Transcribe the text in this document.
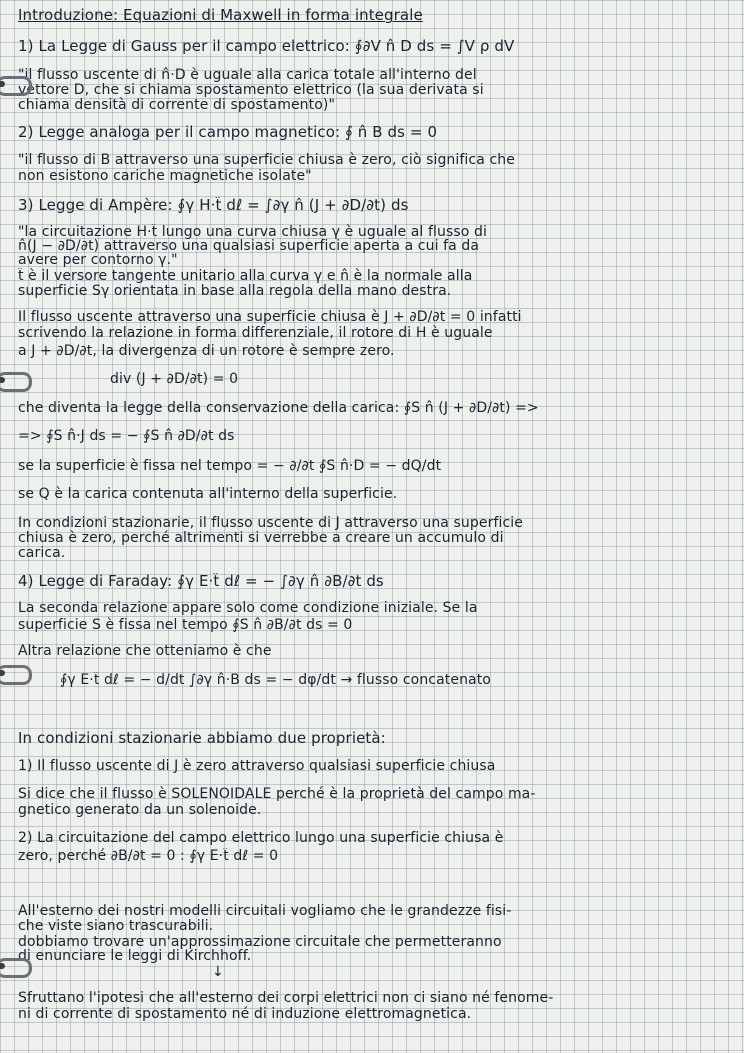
Introduzione: Equazioni di Maxwell in forma integrale
1) La Legge di Gauss per il campo elettrico: ∮∂V n̂ D ds = ∫V ρ dV
"il flusso uscente di n̂·D è uguale alla carica totale all'interno del
vettore D, che si chiama spostamento elettrico (la sua derivata si
chiama densità di corrente di spostamento)"
2) Legge analoga per il campo magnetico: ∮ n̂ B ds = 0
"il flusso di B attraverso una superficie chiusa è zero, ciò significa che
non esistono cariche magnetiche isolate"
3) Legge di Ampère: ∮γ H·t̂ dℓ = ∫∂γ n̂ (J + ∂D/∂t) ds
"la circuitazione H·t̂ lungo una curva chiusa γ è uguale al flusso di
n̂(J − ∂D/∂t) attraverso una qualsiasi superficie aperta a cui fa da
avere per contorno γ."
t̂ è il versore tangente unitario alla curva γ e n̂ è la normale alla
superficie Sγ orientata in base alla regola della mano destra.
Il flusso uscente attraverso una superficie chiusa è J + ∂D/∂t = 0 infatti
scrivendo la relazione in forma differenziale, il rotore di H è uguale
a J + ∂D/∂t, la divergenza di un rotore è sempre zero.
div (J + ∂D/∂t) = 0
che diventa la legge della conservazione della carica: ∮S n̂ (J + ∂D/∂t) =>
=> ∮S n̂·J ds = − ∮S n̂ ∂D/∂t ds
se la superficie è fissa nel tempo = − ∂/∂t ∮S n̂·D = − dQ/dt
se Q è la carica contenuta all'interno della superficie.
In condizioni stazionarie, il flusso uscente di J attraverso una superficie
chiusa è zero, perché altrimenti si verrebbe a creare un accumulo di
carica.
4) Legge di Faraday: ∮γ E·t̂ dℓ = − ∫∂γ n̂ ∂B/∂t ds
La seconda relazione appare solo come condizione iniziale. Se la
superficie S è fissa nel tempo ∮S n̂ ∂B/∂t ds = 0
Altra relazione che otteniamo è che
∮γ E·t̂ dℓ = − d/dt ∫∂γ n̂·B ds = − dφ/dt → flusso concatenato
In condizioni stazionarie abbiamo due proprietà:
1) Il flusso uscente di J è zero attraverso qualsiasi superficie chiusa
Si dice che il flusso è SOLENOIDALE perché è la proprietà del campo ma-
gnetico generato da un solenoide.
2) La circuitazione del campo elettrico lungo una superficie chiusa è
zero, perché ∂B/∂t = 0 : ∮γ E·t̂ dℓ = 0
All'esterno dei nostri modelli circuitali vogliamo che le grandezze fisi-
che viste siano trascurabili.
dobbiamo trovare un'approssimazione circuitale che permetteranno
di enunciare le leggi di Kirchhoff.
Sfruttano l'ipotesi che all'esterno dei corpi elettrici non ci siano né fenome-
ni di corrente di spostamento né di induzione elettromagnetica.
↓
